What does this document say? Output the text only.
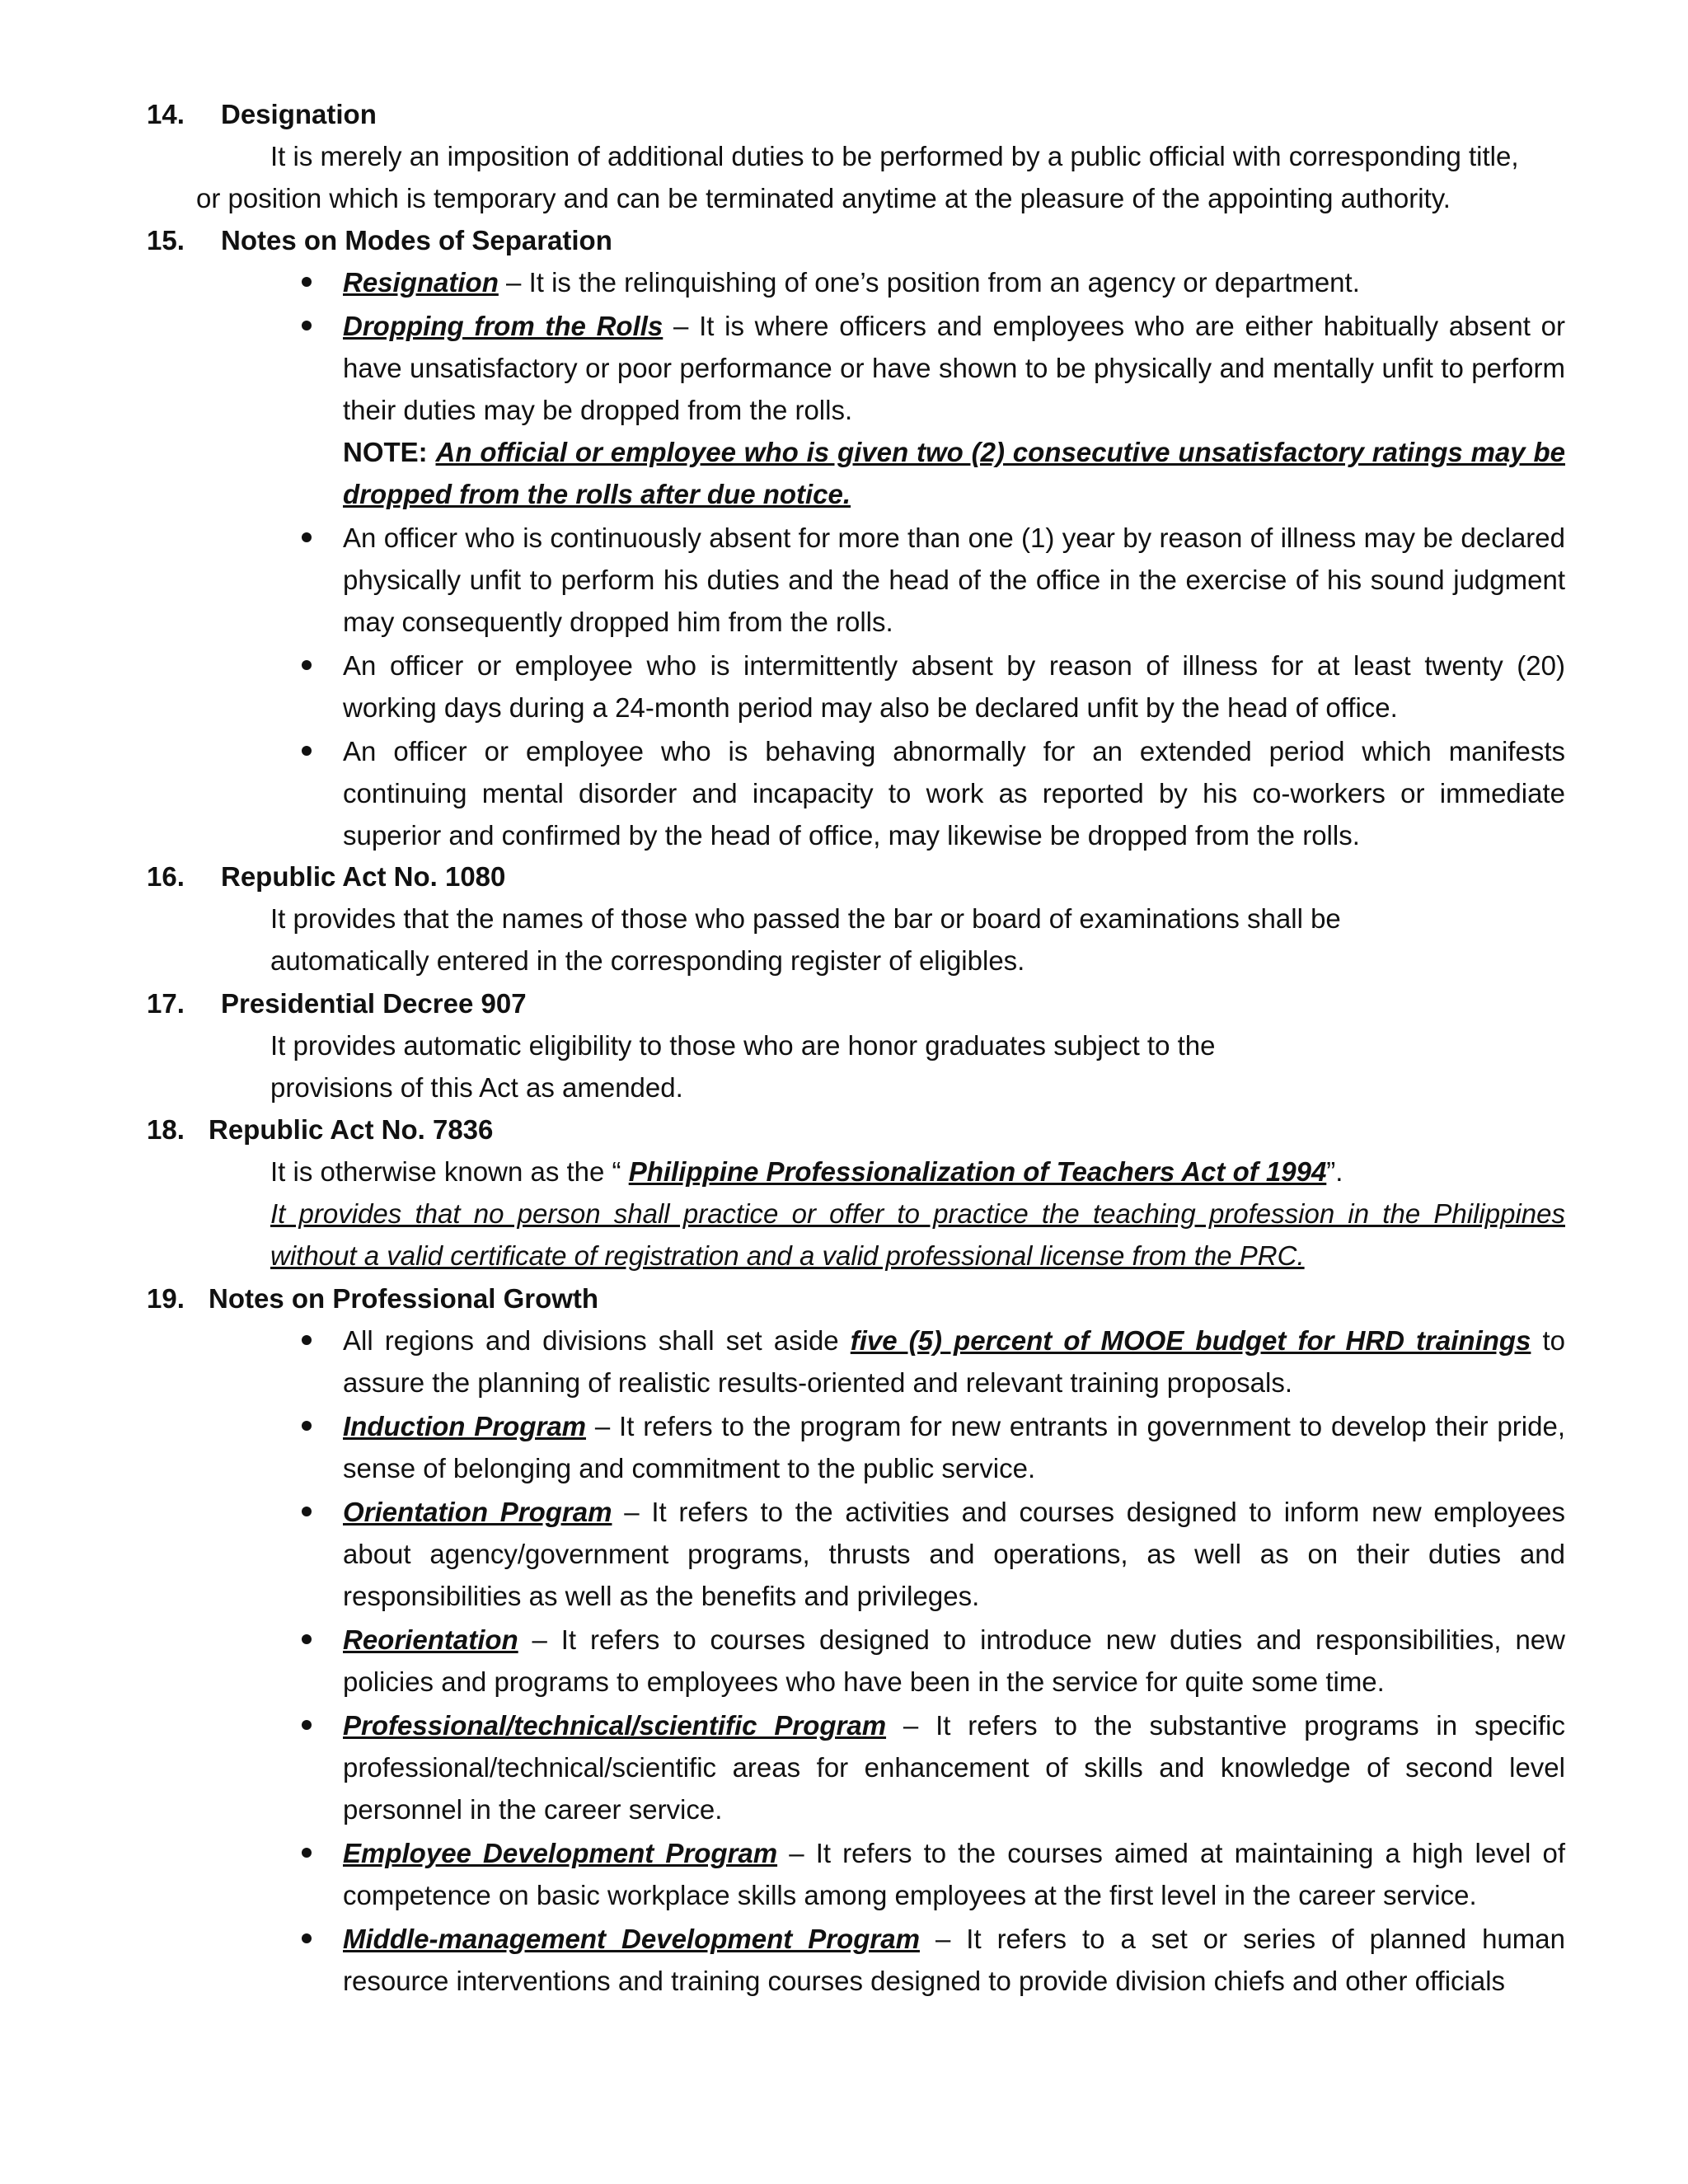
14. Designation
It is merely an imposition of additional duties to be performed by a public official with corresponding title,
or position which is temporary and can be terminated anytime at the pleasure of the appointing authority.
15. Notes on Modes of Separation
Resignation – It is the relinquishing of one’s position from an agency or department.
Dropping from the Rolls – It is where officers and employees who are either habitually absent or have unsatisfactory or poor performance or have shown to be physically and mentally unfit to perform their duties may be dropped from the rolls.
NOTE: An official or employee who is given two (2) consecutive unsatisfactory ratings may be dropped from the rolls after due notice.
An officer who is continuously absent for more than one (1) year by reason of illness may be declared physically unfit to perform his duties and the head of the office in the exercise of his sound judgment may consequently dropped him from the rolls.
An officer or employee who is intermittently absent by reason of illness for at least twenty (20) working days during a 24-month period may also be declared unfit by the head of office.
An officer or employee who is behaving abnormally for an extended period which manifests continuing mental disorder and incapacity to work as reported by his co-workers or immediate superior and confirmed by the head of office, may likewise be dropped from the rolls.
16. Republic Act No. 1080
It provides that the names of those who passed the bar or board of examinations shall be
automatically entered in the corresponding register of eligibles.
17. Presidential Decree 907
It provides automatic eligibility to those who are honor graduates subject to the
provisions of this Act as amended.
18. Republic Act No. 7836
It is otherwise known as the “ Philippine Professionalization of Teachers Act of 1994”.
It provides that no person shall practice or offer to practice the teaching profession in the Philippines without a valid certificate of registration and a valid professional license from the PRC.
19. Notes on Professional Growth
All regions and divisions shall set aside five (5) percent of MOOE budget for HRD trainings to assure the planning of realistic results-oriented and relevant training proposals.
Induction Program – It refers to the program for new entrants in government to develop their pride, sense of belonging and commitment to the public service.
Orientation Program – It refers to the activities and courses designed to inform new employees about agency/government programs, thrusts and operations, as well as on their duties and responsibilities as well as the benefits and privileges.
Reorientation – It refers to courses designed to introduce new duties and responsibilities, new policies and programs to employees who have been in the service for quite some time.
Professional/technical/scientific Program – It refers to the substantive programs in specific professional/technical/scientific areas for enhancement of skills and knowledge of second level personnel in the career service.
Employee Development Program – It refers to the courses aimed at maintaining a high level of competence on basic workplace skills among employees at the first level in the career service.
Middle-management Development Program – It refers to a set or series of planned human resource interventions and training courses designed to provide division chiefs and other officials
